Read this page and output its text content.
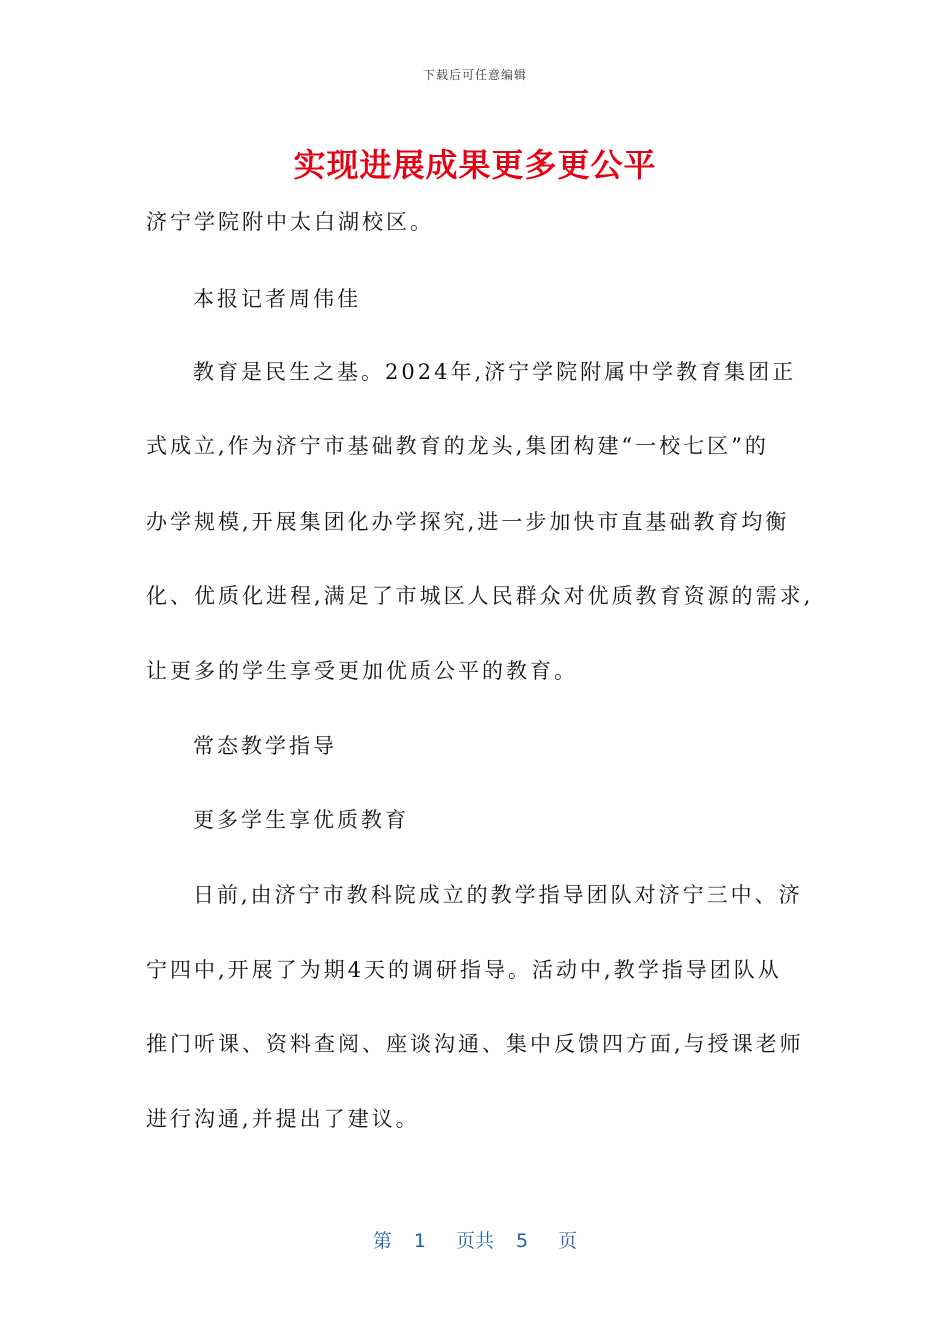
下载后可任意编辑
实现进展成果更多更公平
济宁学院附中太白湖校区。
本报记者周伟佳
教育是民生之基。2024年,济宁学院附属中学教育集团正
式成立,作为济宁市基础教育的龙头,集团构建“一校七区”的
办学规模,开展集团化办学探究,进一步加快市直基础教育均衡
化、优质化进程,满足了市城区人民群众对优质教育资源的需求,
让更多的学生享受更加优质公平的教育。
常态教学指导
更多学生享优质教育
日前,由济宁市教科院成立的教学指导团队对济宁三中、济
宁四中,开展了为期4天的调研指导。活动中,教学指导团队从
推门听课、资料查阅、座谈沟通、集中反馈四方面,与授课老师
进行沟通,并提出了建议。
第 1 页共 5 页
